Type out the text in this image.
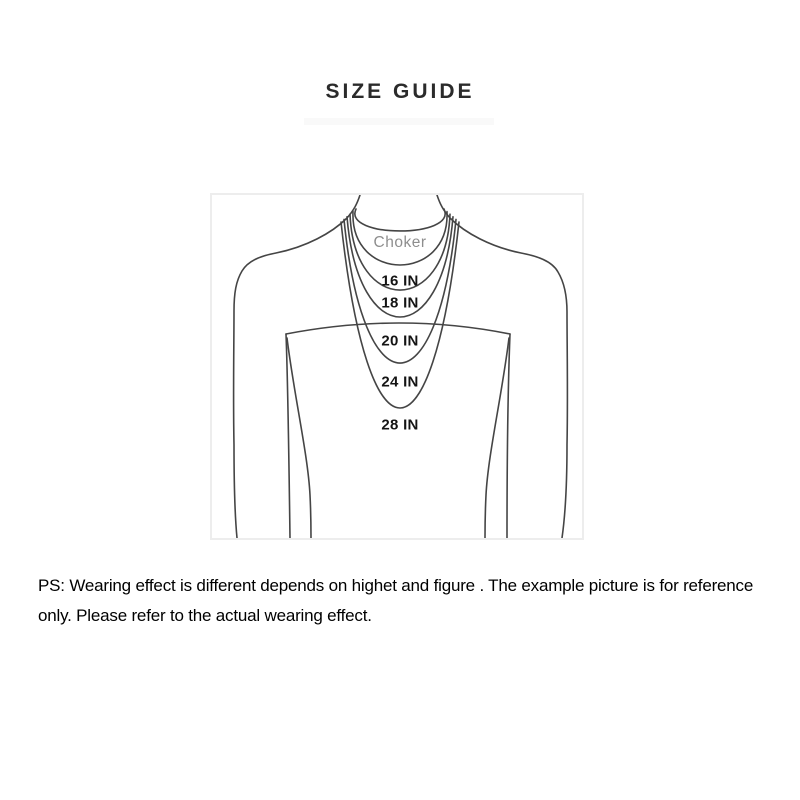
SIZE GUIDE
Choker
16 IN
18 IN
20 IN
24 IN
28 IN
PS: Wearing effect is different depends on highet and figure . The example picture is for reference
only. Please refer to the actual wearing effect.
